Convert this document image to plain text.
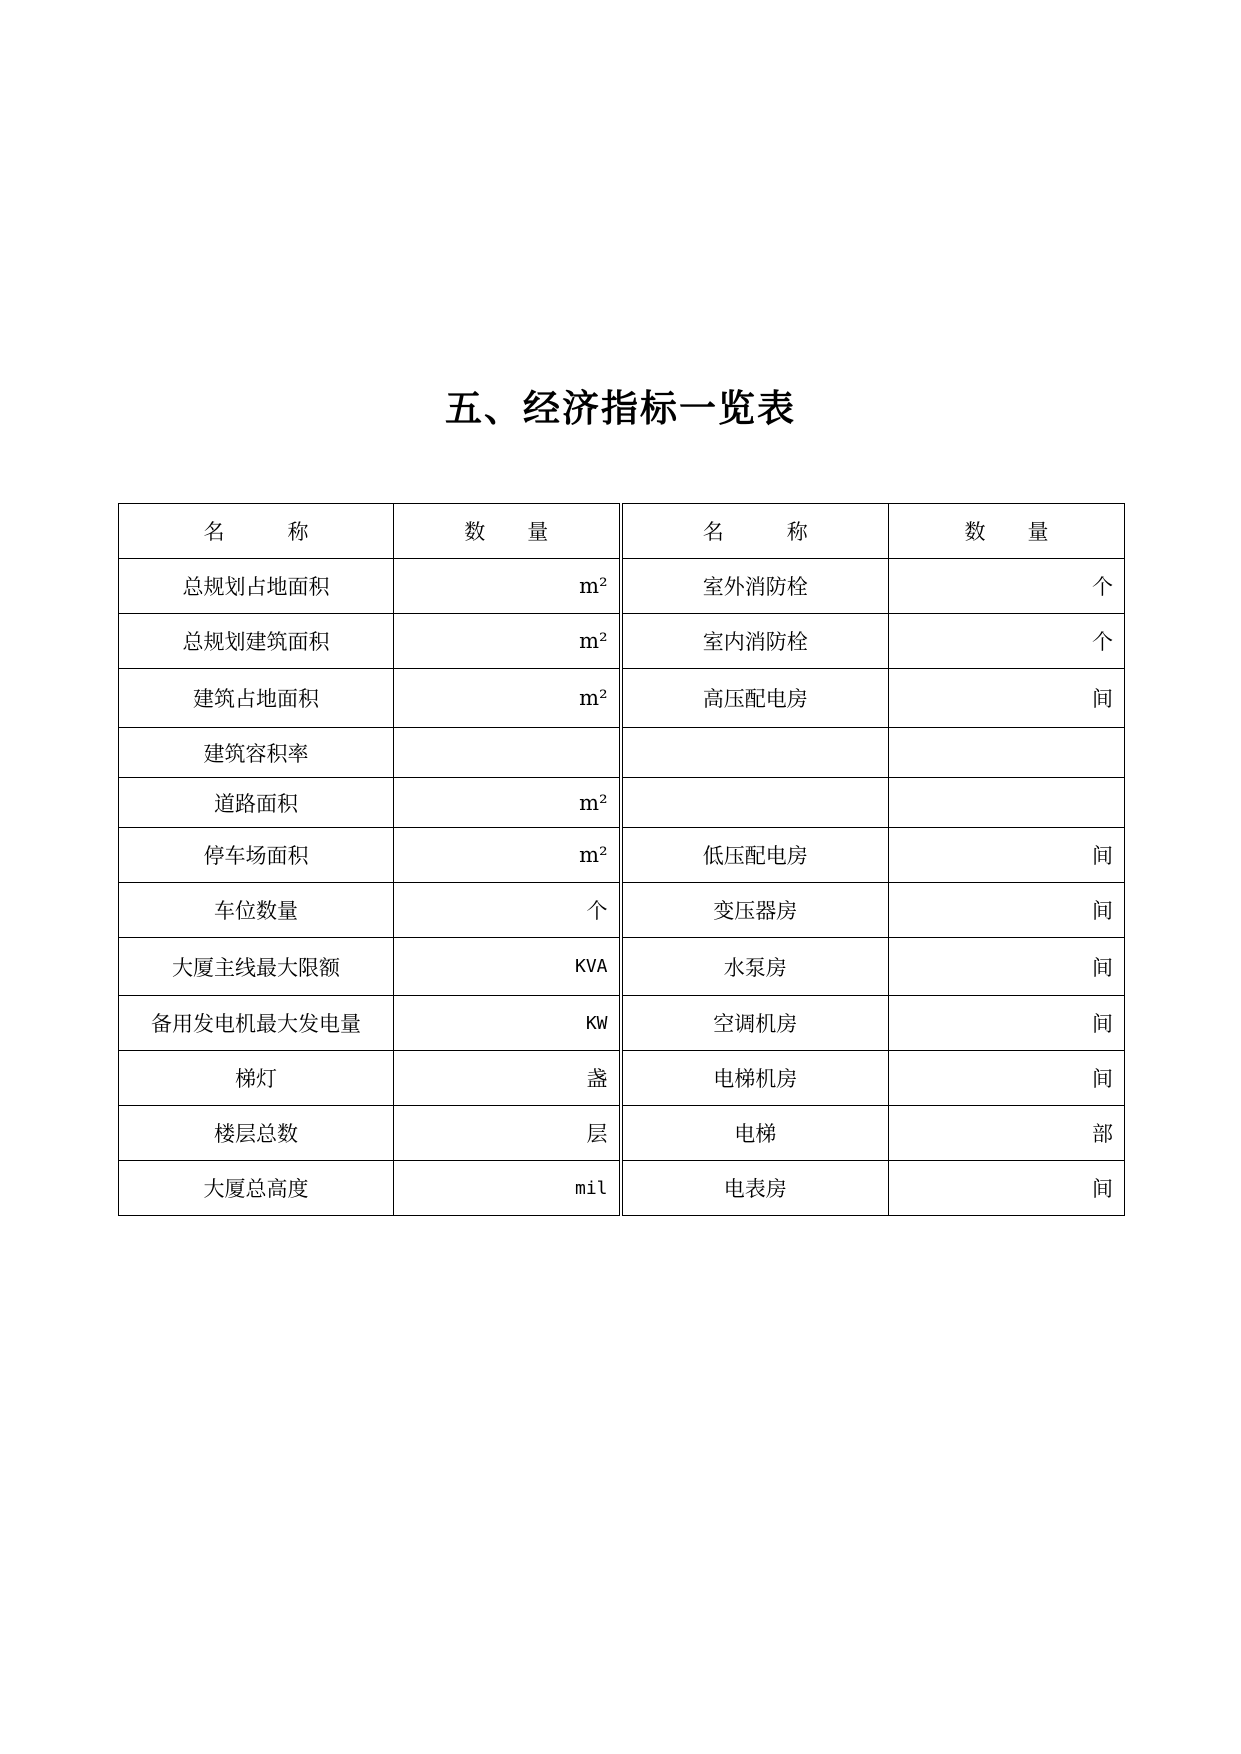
五、经济指标一览表
名　　　称	数　　量	名　　　称	数　　量
总规划占地面积	m²	室外消防栓	个
总规划建筑面积	m²	室内消防栓	个
建筑占地面积	m²	高压配电房	间
建筑容积率			
道路面积	m²		
停车场面积	m²	低压配电房	间
车位数量	个	变压器房	间
大厦主线最大限额	KVA	水泵房	间
备用发电机最大发电量	KW	空调机房	间
梯灯	盏	电梯机房	间
楼层总数	层	电梯	部
大厦总高度	mil	电表房	间
